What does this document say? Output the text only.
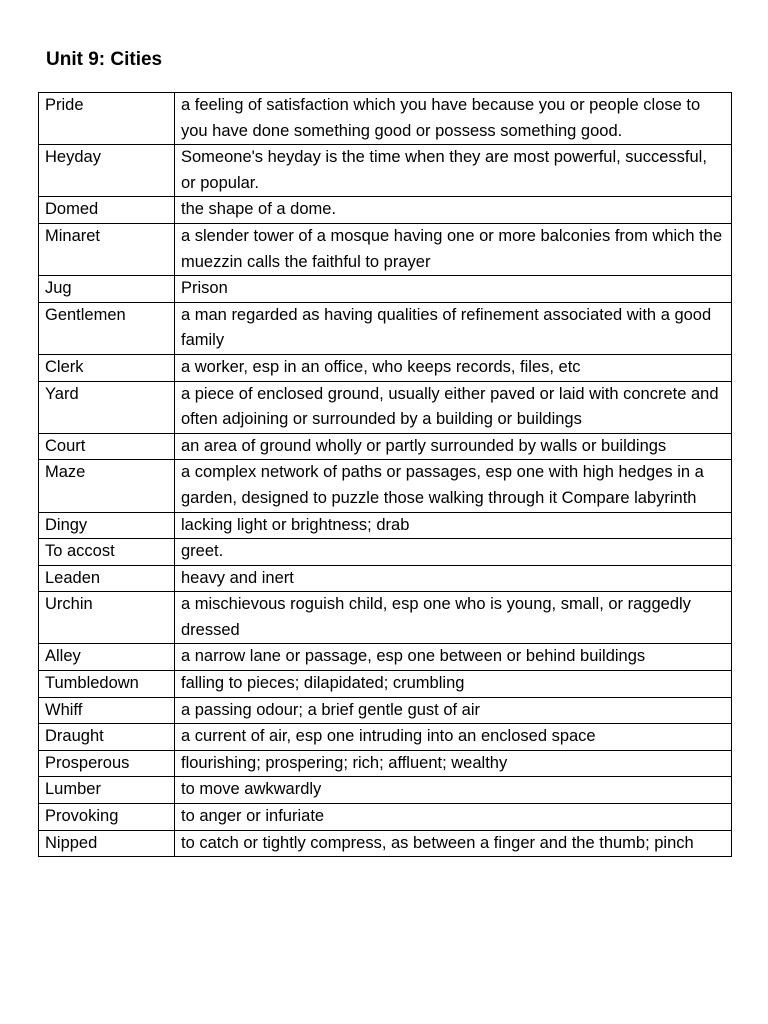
Unit 9: Cities
Pride	a feeling of satisfaction which you have because you or people close to you have done something good or possess something good.
Heyday	Someone's heyday is the time when they are most powerful, successful, or popular.
Domed	the shape of a dome.
Minaret	a slender tower of a mosque having one or more balconies from which the muezzin calls the faithful to prayer
Jug	Prison
Gentlemen	a man regarded as having qualities of refinement associated with a good family
Clerk	a worker, esp in an office, who keeps records, files, etc
Yard	a piece of enclosed ground, usually either paved or laid with concrete and often adjoining or surrounded by a building or buildings
Court	an area of ground wholly or partly surrounded by walls or buildings
Maze	a complex network of paths or passages, esp one with high hedges in a garden, designed to puzzle those walking through it Compare labyrinth
Dingy	lacking light or brightness; drab
To accost	greet.
Leaden	heavy and inert
Urchin	a mischievous roguish child, esp one who is young, small, or raggedly dressed
Alley	a narrow lane or passage, esp one between or behind buildings
Tumbledown	falling to pieces; dilapidated; crumbling
Whiff	a passing odour; a brief gentle gust of air
Draught	a current of air, esp one intruding into an enclosed space
Prosperous	flourishing; prospering; rich; affluent; wealthy
Lumber	to move awkwardly
Provoking	to anger or infuriate
Nipped	to catch or tightly compress, as between a finger and the thumb; pinch
